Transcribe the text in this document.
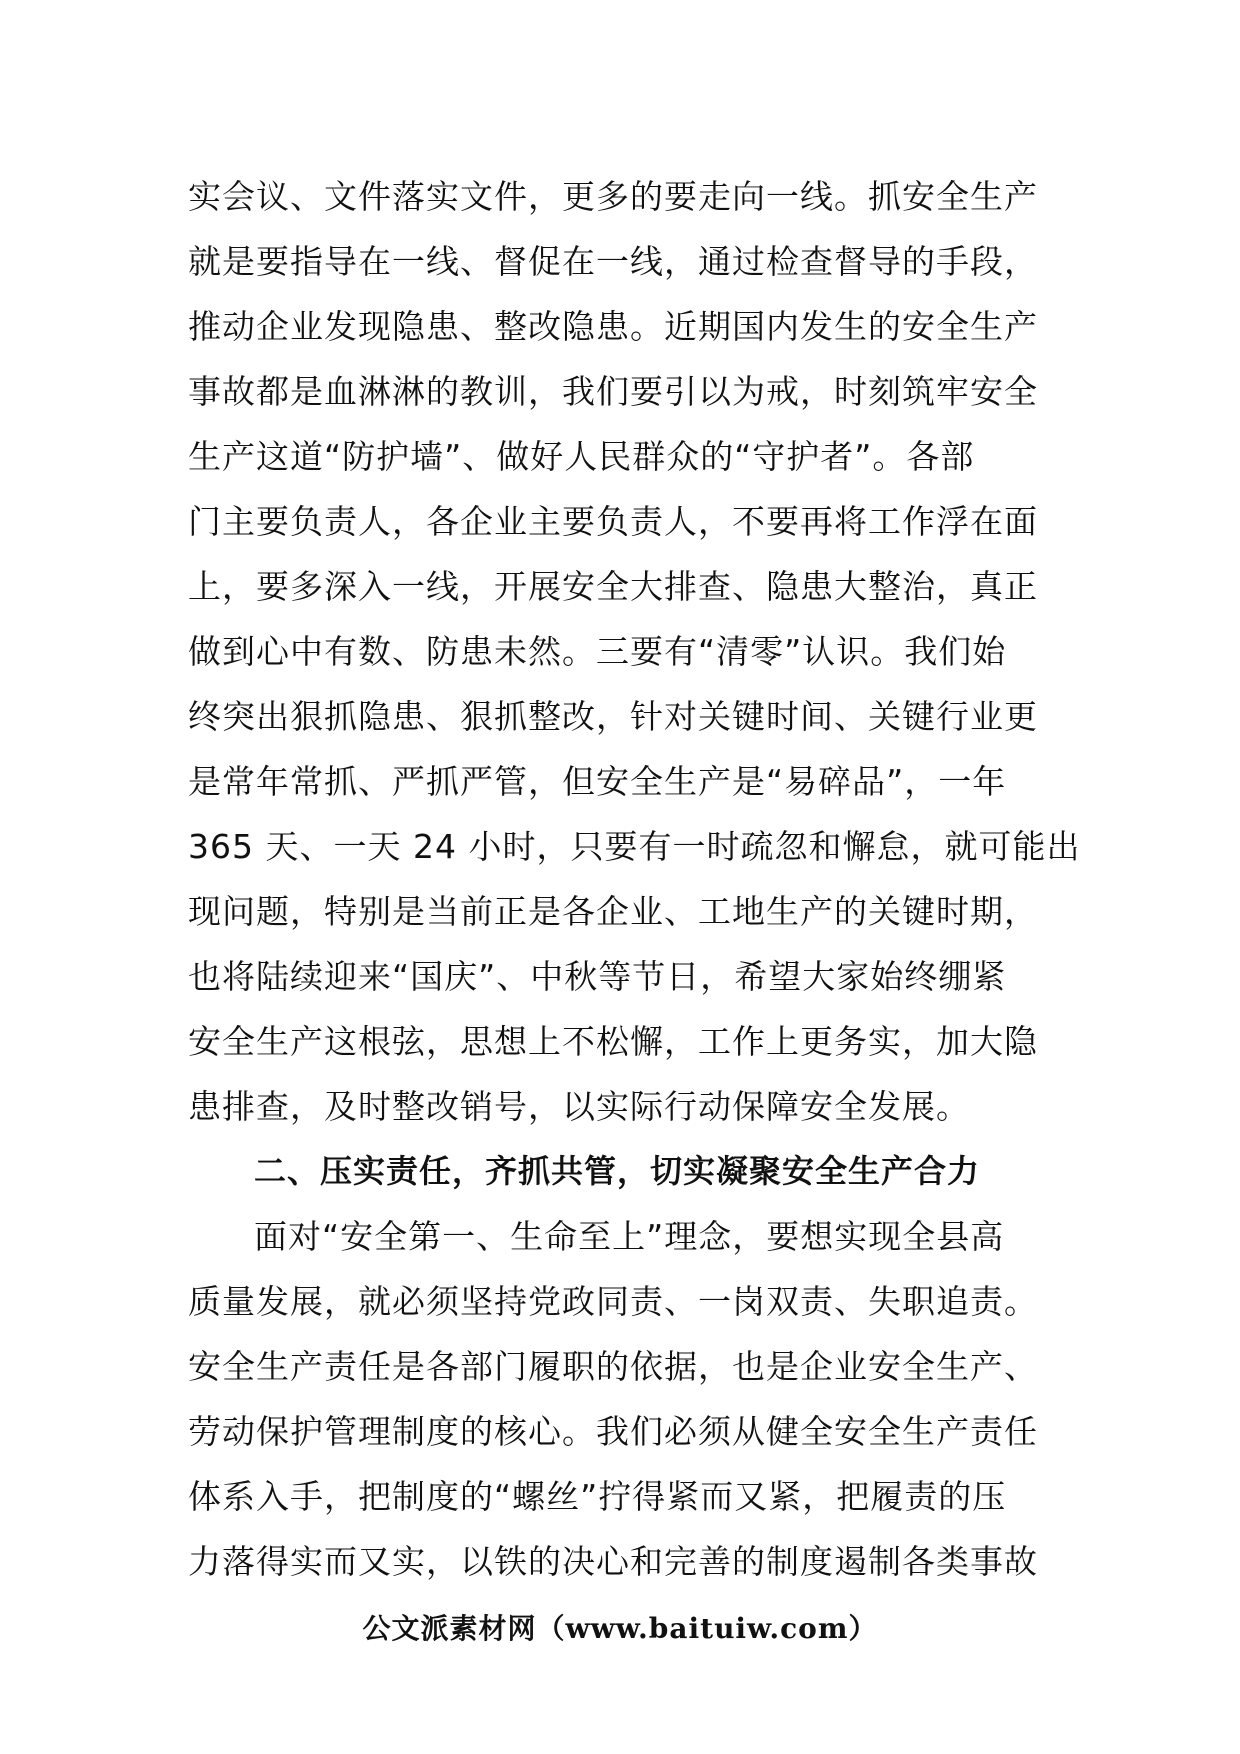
实会议、文件落实文件，更多的要走向一线。抓安全生产
就是要指导在一线、督促在一线，通过检查督导的手段，
推动企业发现隐患、整改隐患。近期国内发生的安全生产
事故都是血淋淋的教训，我们要引以为戒，时刻筑牢安全
生产这道“防护墙”、做好人民群众的“守护者”。各部
门主要负责人，各企业主要负责人，不要再将工作浮在面
上，要多深入一线，开展安全大排查、隐患大整治，真正
做到心中有数、防患未然。三要有“清零”认识。我们始
终突出狠抓隐患、狠抓整改，针对关键时间、关键行业更
是常年常抓、严抓严管，但安全生产是“易碎品”，一年
365 天、一天 24 小时，只要有一时疏忽和懈怠，就可能出
现问题，特别是当前正是各企业、工地生产的关键时期，
也将陆续迎来“国庆”、中秋等节日，希望大家始终绷紧
安全生产这根弦，思想上不松懈，工作上更务实，加大隐
患排查，及时整改销号，以实际行动保障安全发展。
二、压实责任，齐抓共管，切实凝聚安全生产合力
面对“安全第一、生命至上”理念，要想实现全县高
质量发展，就必须坚持党政同责、一岗双责、失职追责。
安全生产责任是各部门履职的依据，也是企业安全生产、
劳动保护管理制度的核心。我们必须从健全安全生产责任
体系入手，把制度的“螺丝”拧得紧而又紧，把履责的压
力落得实而又实，以铁的决心和完善的制度遏制各类事故
公文派素材网（www.baituiw.com）
